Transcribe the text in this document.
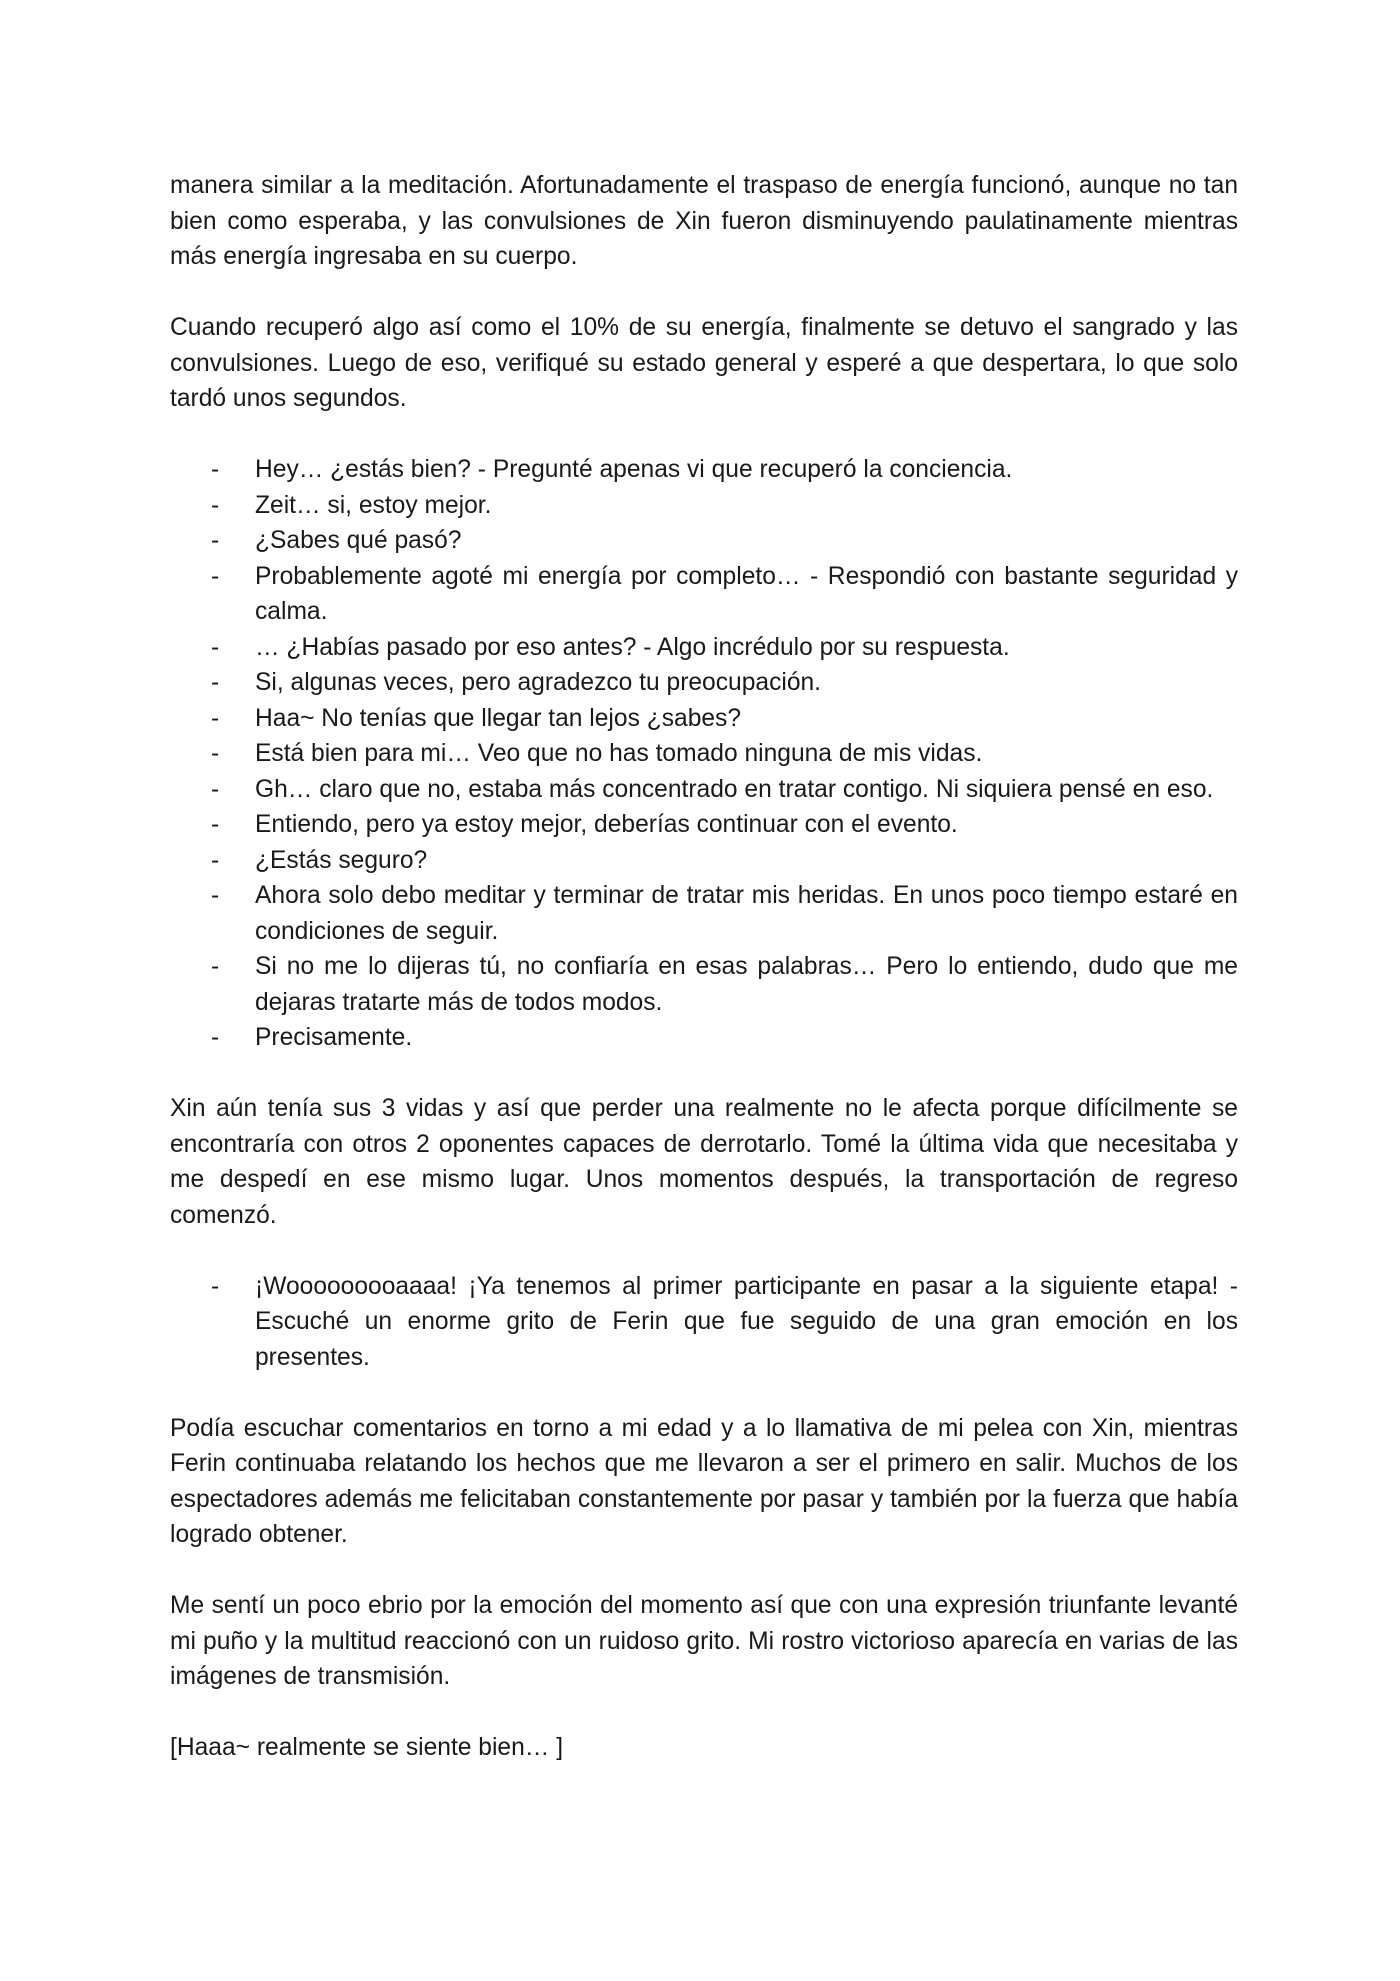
manera similar a la meditación. Afortunadamente el traspaso de energía funcionó, aunque no tan bien como esperaba, y las convulsiones de Xin fueron disminuyendo paulatinamente mientras más energía ingresaba en su cuerpo.

Cuando recuperó algo así como el 10% de su energía, finalmente se detuvo el sangrado y las convulsiones. Luego de eso, verifiqué su estado general y esperé a que despertara, lo que solo tardó unos segundos.

- Hey… ¿estás bien? - Pregunté apenas vi que recuperó la conciencia.
- Zeit… si, estoy mejor.
- ¿Sabes qué pasó?
- Probablemente agoté mi energía por completo… - Respondió con bastante seguridad y calma.
- … ¿Habías pasado por eso antes? - Algo incrédulo por su respuesta.
- Si, algunas veces, pero agradezco tu preocupación.
- Haa~ No tenías que llegar tan lejos ¿sabes?
- Está bien para mi… Veo que no has tomado ninguna de mis vidas.
- Gh… claro que no, estaba más concentrado en tratar contigo. Ni siquiera pensé en eso.
- Entiendo, pero ya estoy mejor, deberías continuar con el evento.
- ¿Estás seguro?
- Ahora solo debo meditar y terminar de tratar mis heridas. En unos poco tiempo estaré en condiciones de seguir.
- Si no me lo dijeras tú, no confiaría en esas palabras… Pero lo entiendo, dudo que me dejaras tratarte más de todos modos.
- Precisamente.

Xin aún tenía sus 3 vidas y así que perder una realmente no le afecta porque difícilmente se encontraría con otros 2 oponentes capaces de derrotarlo. Tomé la última vida que necesitaba y me despedí en ese mismo lugar. Unos momentos después, la transportación de regreso comenzó.

- ¡Wooooooooaaaa! ¡Ya tenemos al primer participante en pasar a la siguiente etapa! - Escuché un enorme grito de Ferin que fue seguido de una gran emoción en los presentes.

Podía escuchar comentarios en torno a mi edad y a lo llamativa de mi pelea con Xin, mientras Ferin continuaba relatando los hechos que me llevaron a ser el primero en salir. Muchos de los espectadores además me felicitaban constantemente por pasar y también por la fuerza que había logrado obtener.

Me sentí un poco ebrio por la emoción del momento así que con una expresión triunfante levanté mi puño y la multitud reaccionó con un ruidoso grito. Mi rostro victorioso aparecía en varias de las imágenes de transmisión.

[Haaa~ realmente se siente bien… ]
